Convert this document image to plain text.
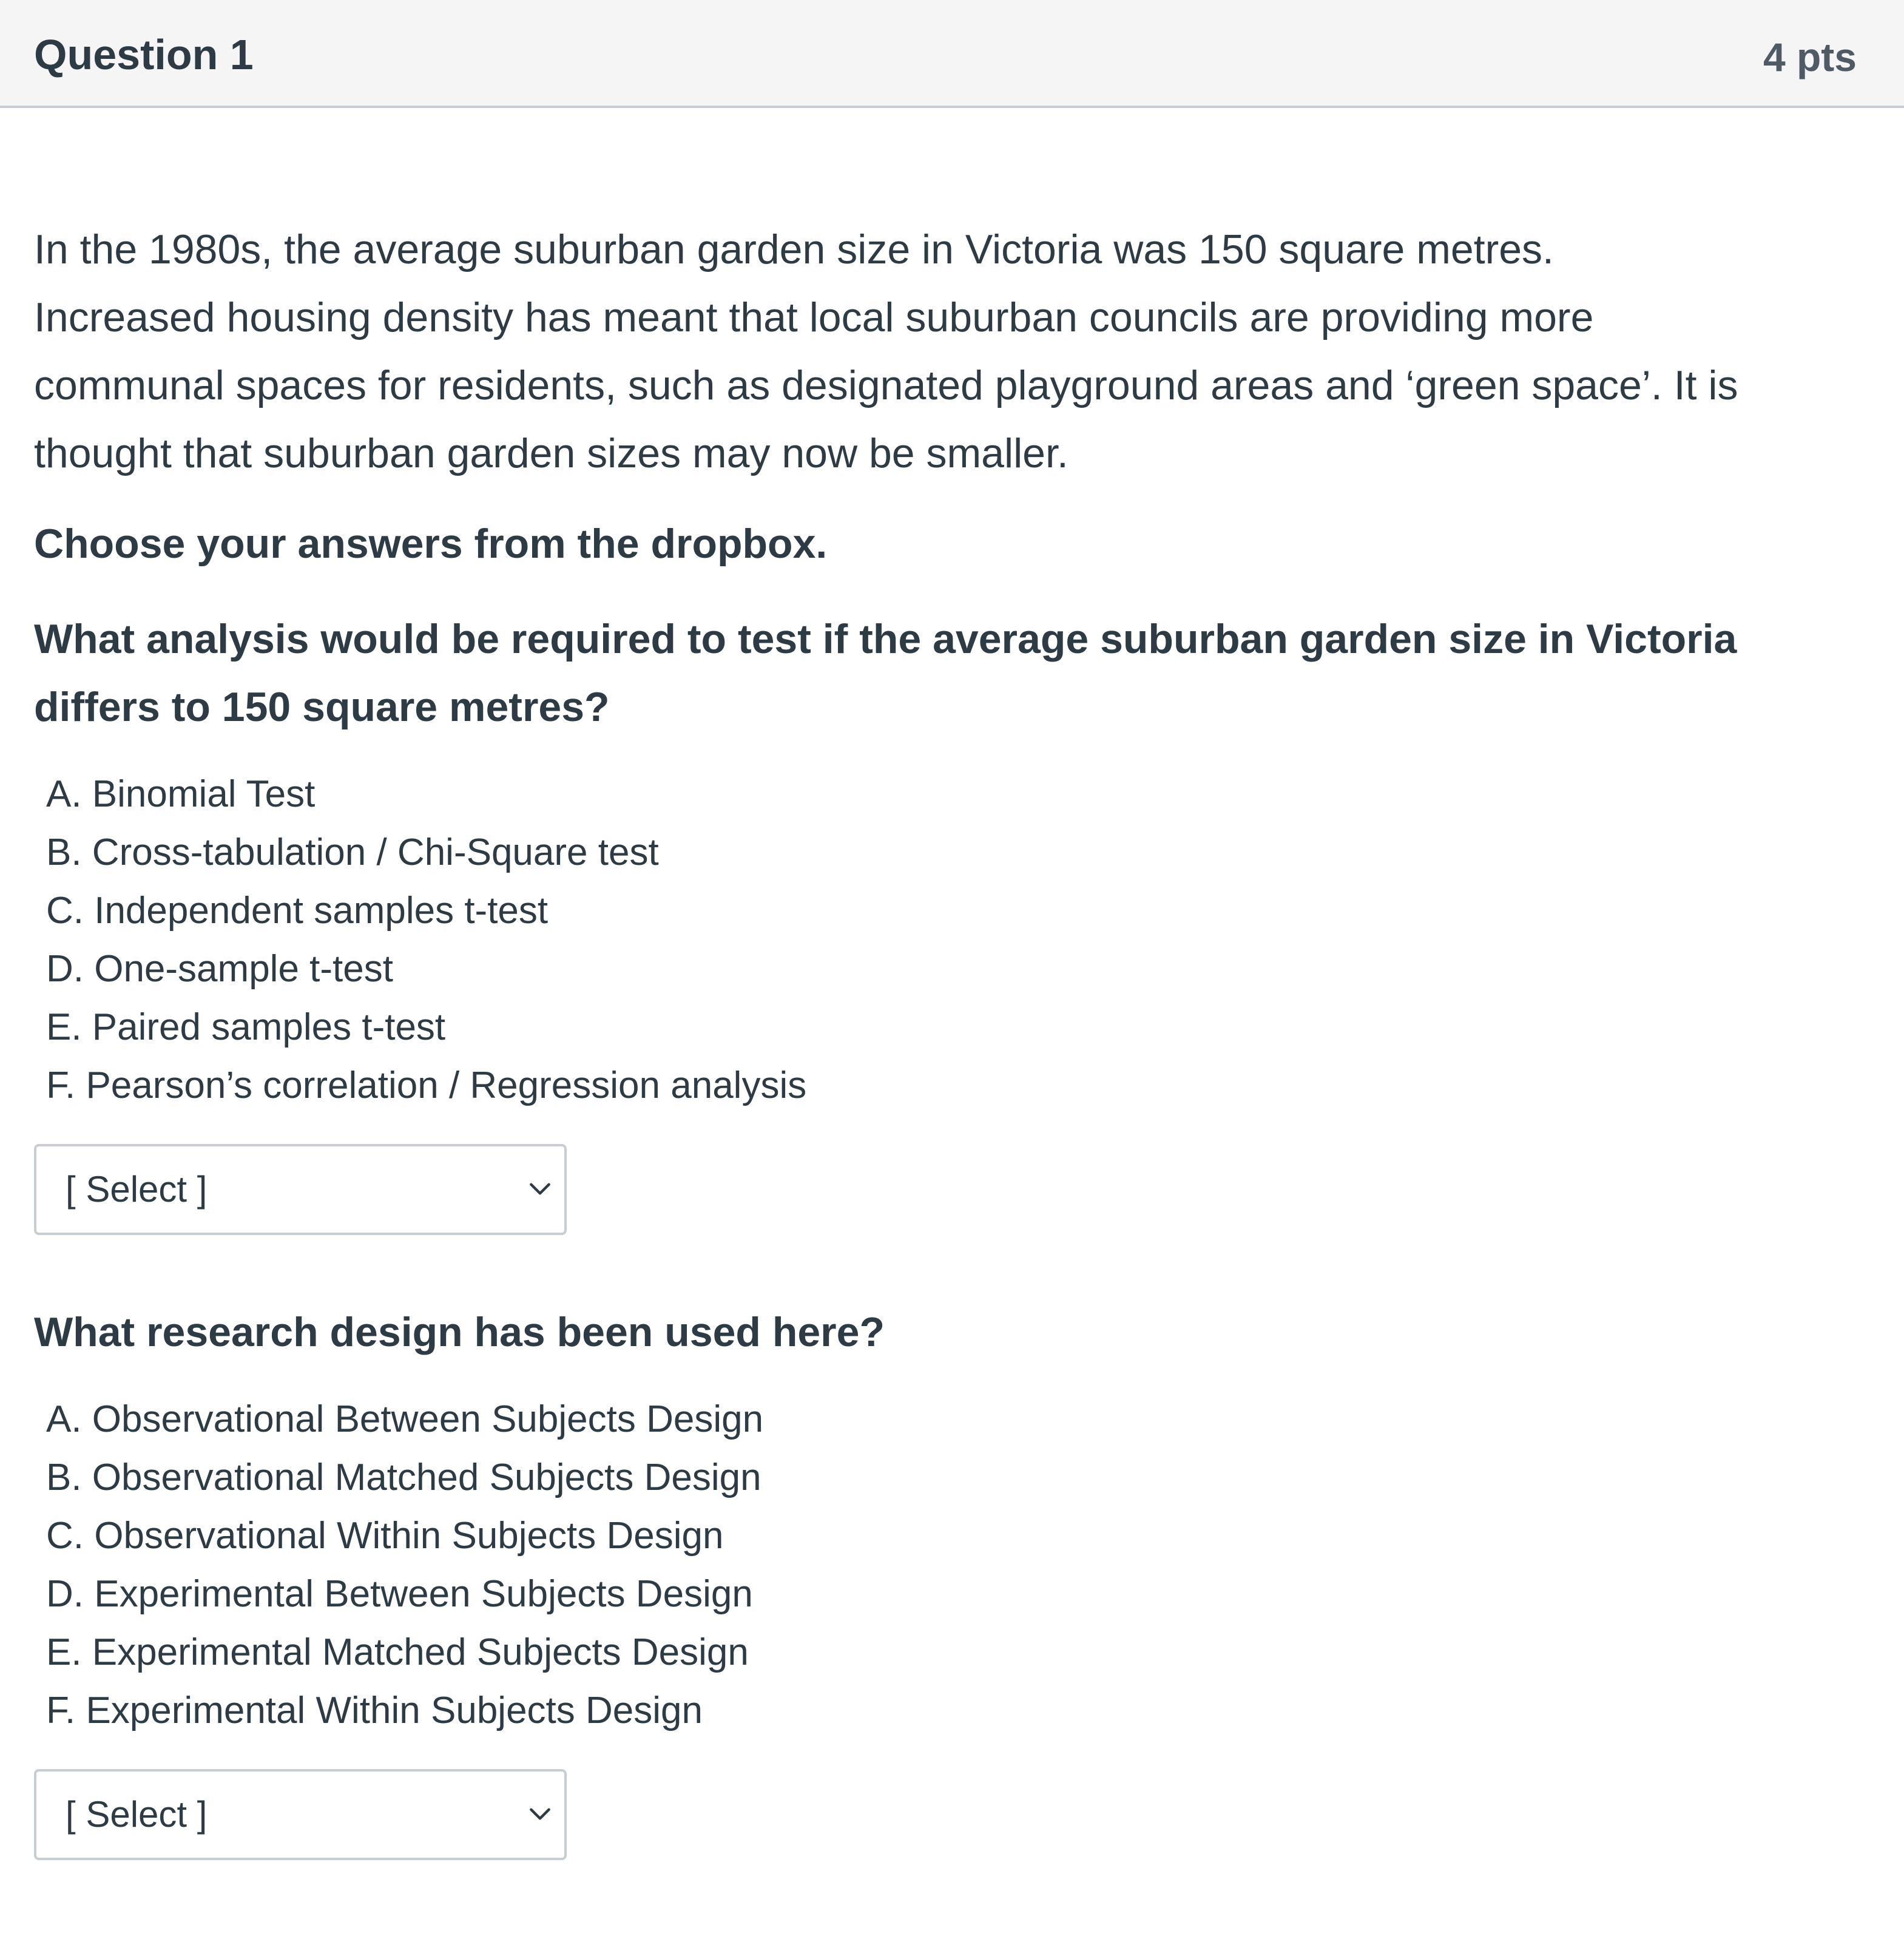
Question 1	4 pts

In the 1980s, the average suburban garden size in Victoria was 150 square metres.

Increased housing density has meant that local suburban councils are providing more

communal spaces for residents, such as designated playground areas and ‘green space’. It is

thought that suburban garden sizes may now be smaller.

Choose your answers from the dropbox.

What analysis would be required to test if the average suburban garden size in Victoria
differs to 150 square metres?

A. Binomial Test
B. Cross-tabulation / Chi-Square test
C. Independent samples t-test
D. One-sample t-test
E. Paired samples t-test
F. Pearson’s correlation / Regression analysis
[ Select ]

What research design has been used here?

A. Observational Between Subjects Design
B. Observational Matched Subjects Design
C. Observational Within Subjects Design
D. Experimental Between Subjects Design
E. Experimental Matched Subjects Design
F. Experimental Within Subjects Design
[ Select ]
